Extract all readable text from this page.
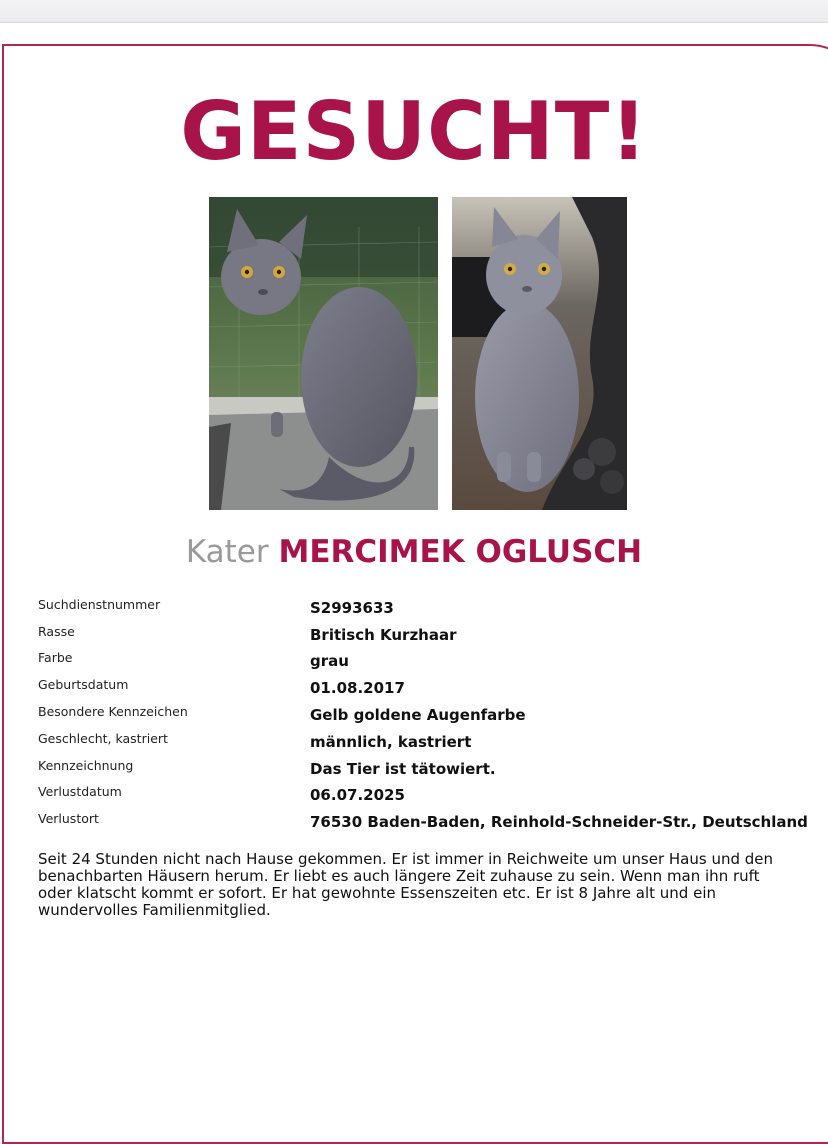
GESUCHT!
Kater MERCIMEK OGLUSCH
Suchdienstnummer	S2993633
Rasse	Britisch Kurzhaar
Farbe	grau
Geburtsdatum	01.08.2017
Besondere Kennzeichen	Gelb goldene Augenfarbe
Geschlecht, kastriert	männlich, kastriert
Kennzeichnung	Das Tier ist tätowiert.
Verlustdatum	06.07.2025
Verlustort	76530 Baden-Baden, Reinhold-Schneider-Str., Deutschland
Seit 24 Stunden nicht nach Hause gekommen. Er ist immer in Reichweite um unser Haus und den benachbarten Häusern herum. Er liebt es auch längere Zeit zuhause zu sein. Wenn man ihn ruft oder klatscht kommt er sofort. Er hat gewohnte Essenszeiten etc. Er ist 8 Jahre alt und ein wundervolles Familienmitglied.
